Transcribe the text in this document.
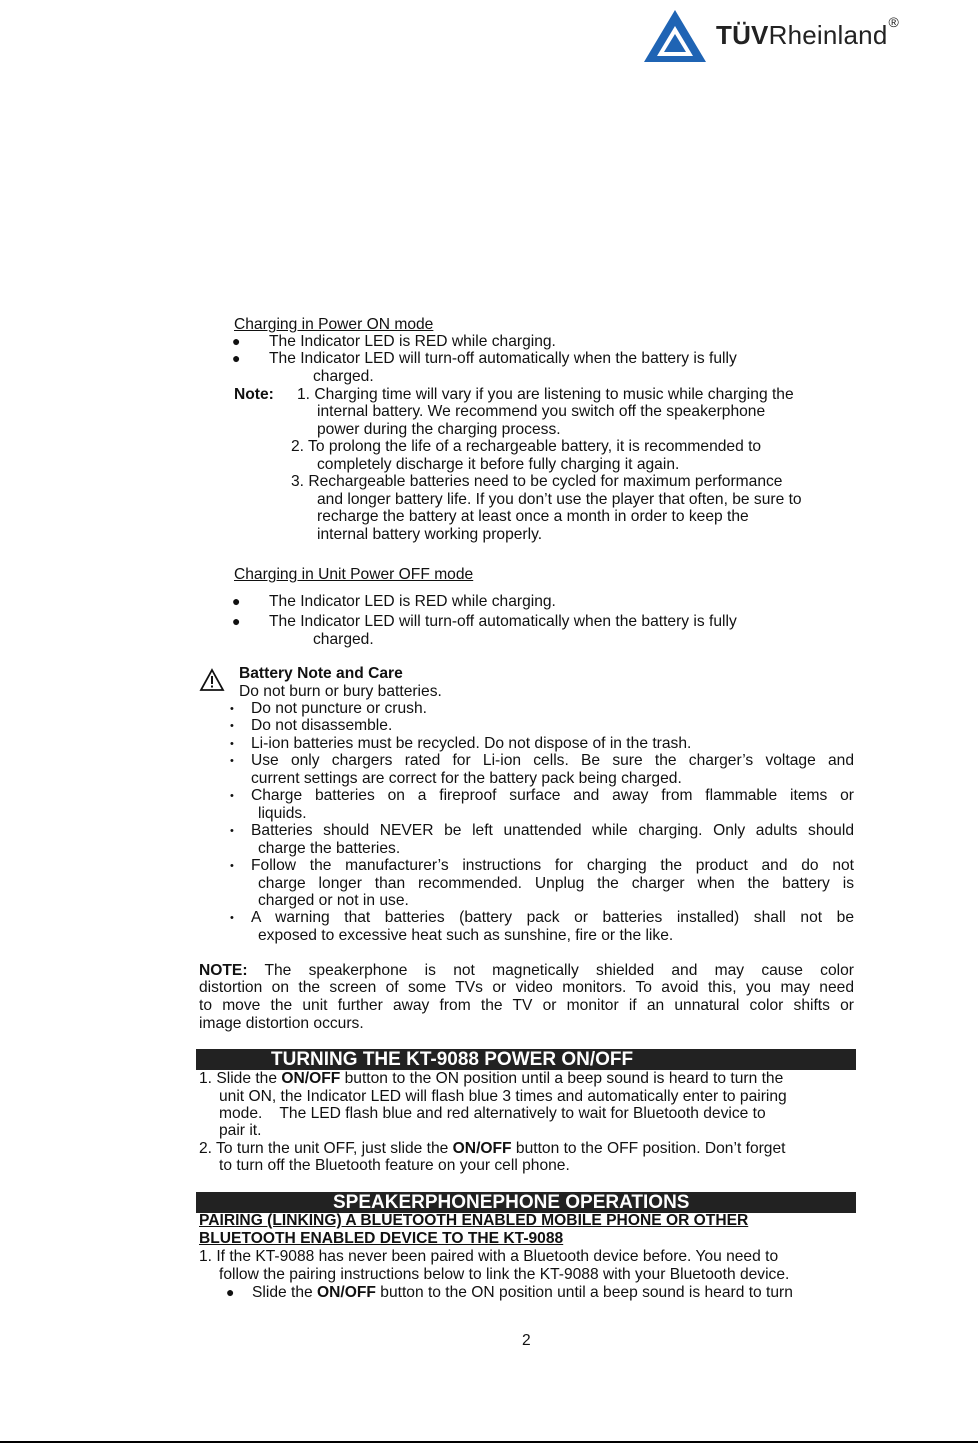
TÜVRheinland®
Charging in Power ON mode
● The Indicator LED is RED while charging.
● The Indicator LED will turn-off automatically when the battery is fully
charged.
Note: 1. Charging time will vary if you are listening to music while charging the
internal battery. We recommend you switch off the speakerphone
power during the charging process.
2. To prolong the life of a rechargeable battery, it is recommended to
completely discharge it before fully charging it again.
3. Rechargeable batteries need to be cycled for maximum performance
and longer battery life. If you don’t use the player that often, be sure to
recharge the battery at least once a month in order to keep the
internal battery working properly.
Charging in Unit Power OFF mode
● The Indicator LED is RED while charging.
● The Indicator LED will turn-off automatically when the battery is fully
charged.
Battery Note and Care
Do not burn or bury batteries.
• Do not puncture or crush.
• Do not disassemble.
• Li-ion batteries must be recycled. Do not dispose of in the trash.
• Use only chargers rated for Li-ion cells. Be sure the charger’s voltage and
current settings are correct for the battery pack being charged.
• Charge batteries on a fireproof surface and away from flammable items or
liquids.
• Batteries should NEVER be left unattended while charging. Only adults should
charge the batteries.
• Follow the manufacturer’s instructions for charging the product and do not
charge longer than recommended. Unplug the charger when the battery is
charged or not in use.
• A warning that batteries (battery pack or batteries installed) shall not be
exposed to excessive heat such as sunshine, fire or the like.
NOTE: The speakerphone is not magnetically shielded and may cause color
distortion on the screen of some TVs or video monitors. To avoid this, you may need
to move the unit further away from the TV or monitor if an unnatural color shifts or
image distortion occurs.
TURNING THE KT-9088 POWER ON/OFF
1. Slide the ON/OFF button to the ON position until a beep sound is heard to turn the
unit ON, the Indicator LED will flash blue 3 times and automatically enter to pairing
mode.    The LED flash blue and red alternatively to wait for Bluetooth device to
pair it.
2. To turn the unit OFF, just slide the ON/OFF button to the OFF position. Don’t forget
to turn off the Bluetooth feature on your cell phone.
SPEAKERPHONEPHONE OPERATIONS
PAIRING (LINKING) A BLUETOOTH ENABLED MOBILE PHONE OR OTHER
BLUETOOTH ENABLED DEVICE TO THE KT-9088
1. If the KT-9088 has never been paired with a Bluetooth device before. You need to
follow the pairing instructions below to link the KT-9088 with your Bluetooth device.
● Slide the ON/OFF button to the ON position until a beep sound is heard to turn
2
